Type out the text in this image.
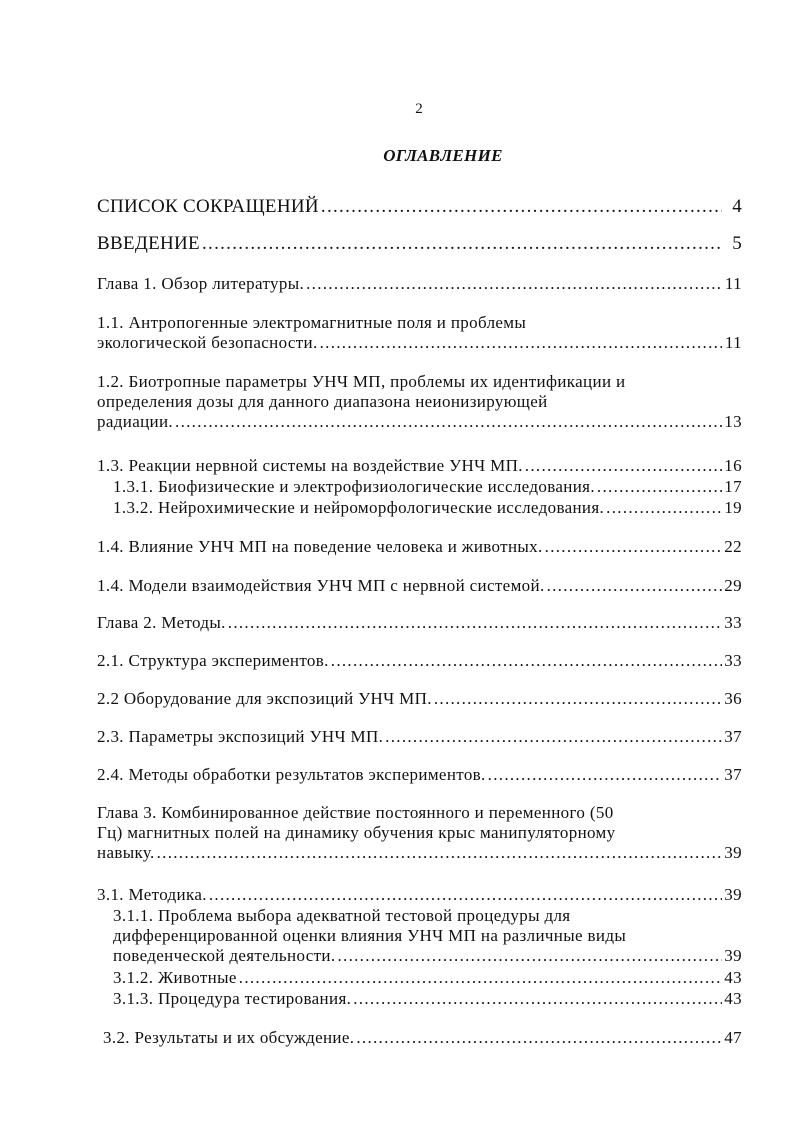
2
ОГЛАВЛЕНИЕ
СПИСОК СОКРАЩЕНИЙ .....	4
ВВЕДЕНИЕ .....	5
Глава 1. Обзор литературы. .....	11
1.1. Антропогенные электромагнитные поля и проблемы
экологической безопасности. .....	11
1.2. Биотропные параметры УНЧ МП, проблемы их идентификации и
определения дозы для данного диапазона неионизирующей
радиации. .....	13
1.3. Реакции нервной системы на воздействие УНЧ МП. .....	16
1.3.1. Биофизические и электрофизиологические исследования. .....	17
1.3.2. Нейрохимические и нейроморфологические исследования. .....	19
1.4. Влияние УНЧ МП на поведение человека и животных. .....	22
1.4. Модели взаимодействия УНЧ МП с нервной системой. .....	29
Глава 2. Методы. .....	33
2.1. Структура экспериментов. .....	33
2.2 Оборудование для экспозиций УНЧ МП. .....	36
2.3. Параметры экспозиций УНЧ МП. .....	37
2.4. Методы обработки результатов экспериментов. .....	37
Глава 3. Комбинированное действие постоянного и переменного (50
Гц) магнитных полей на динамику обучения крыс манипуляторному
навыку. .....	39
3.1. Методика. .....	39
3.1.1. Проблема выбора адекватной тестовой процедуры для
дифференцированной оценки влияния УНЧ МП на различные виды
поведенческой деятельности. .....	39
3.1.2. Животные .....	43
3.1.3. Процедура тестирования. .....	43
3.2. Результаты и их обсуждение. .....	47
